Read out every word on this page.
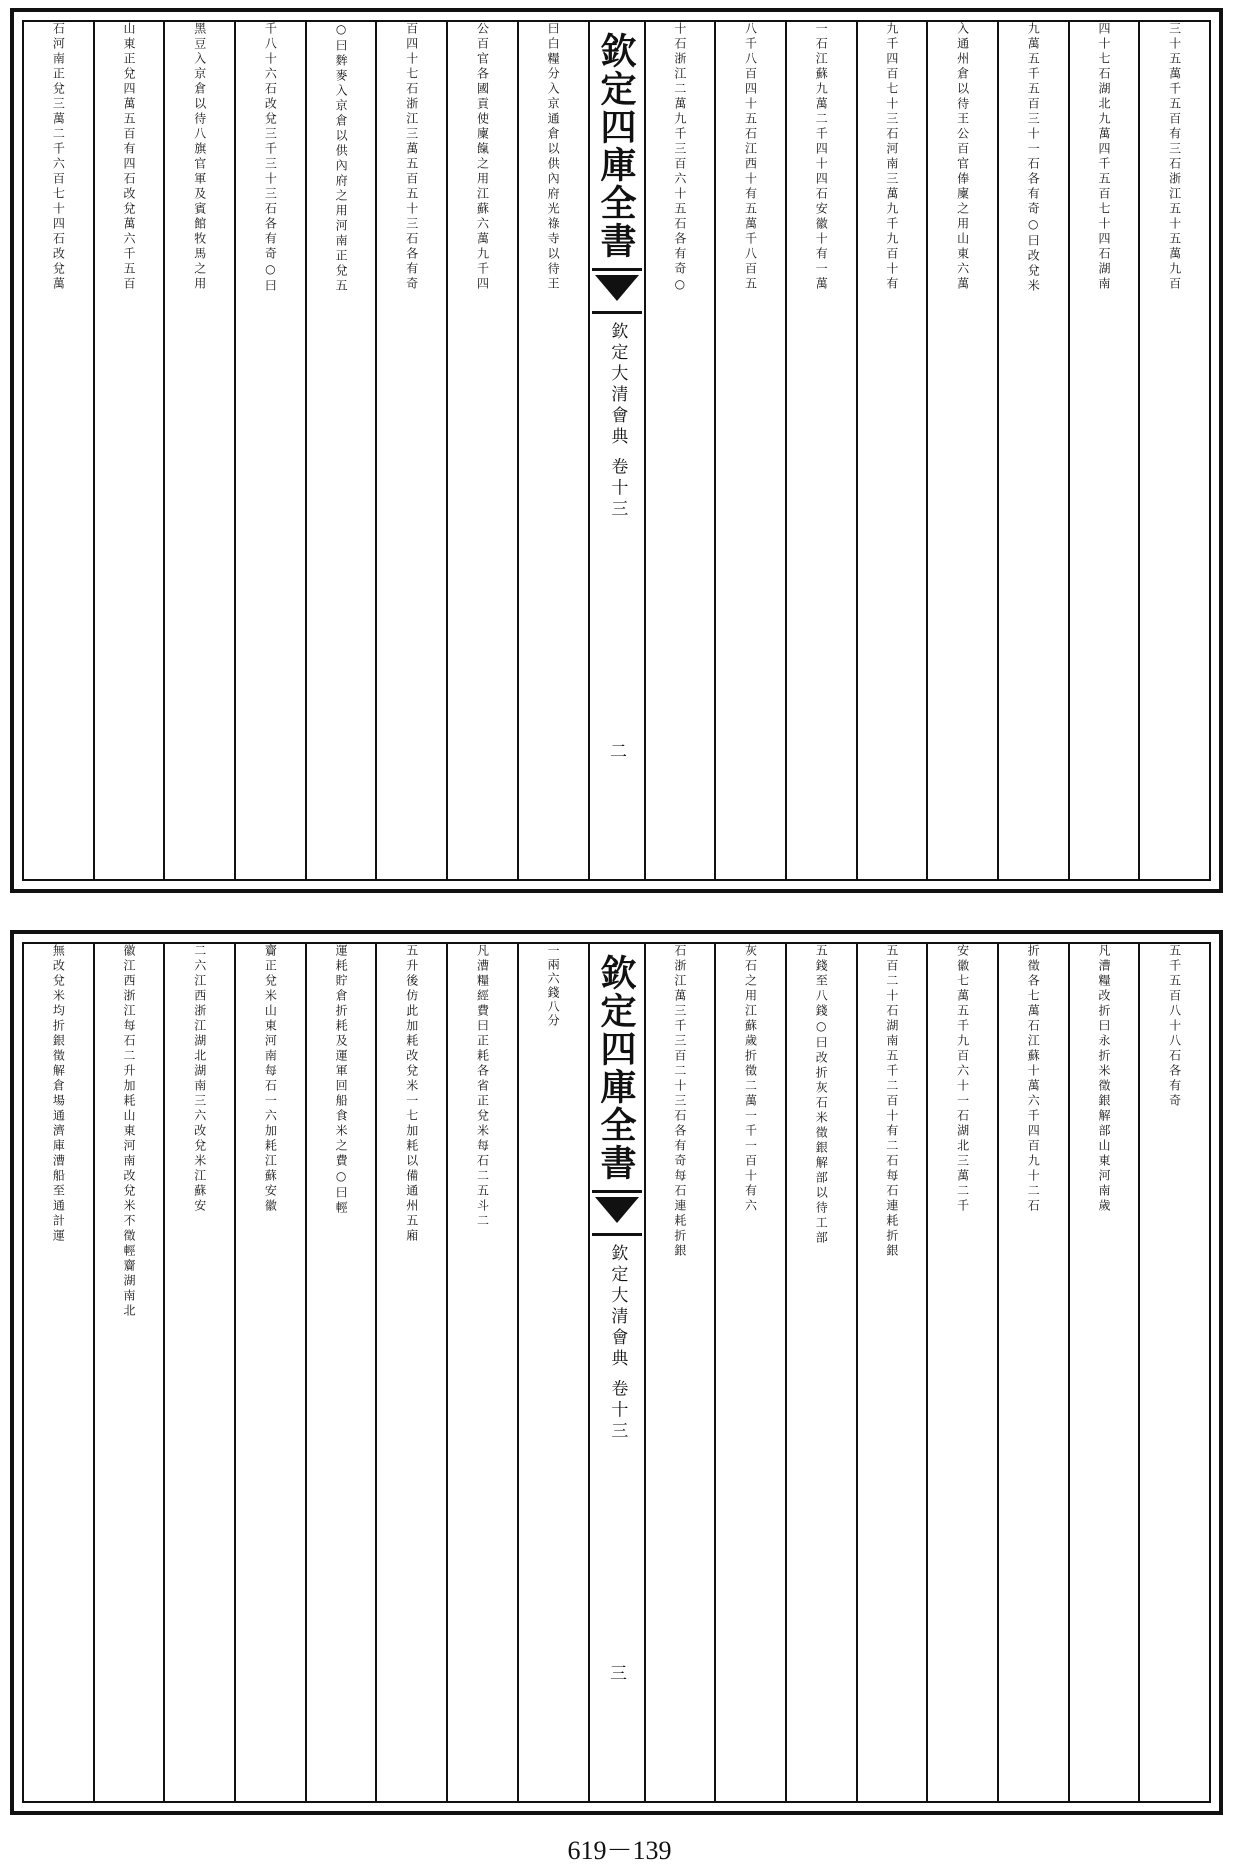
三十五萬千五百有三石浙江五十五萬九百
四十七石湖北九萬四千五百七十四石湖南
九萬五千五百三十一石各有奇○曰改兌米
入通州倉以待王公百官俸廩之用山東六萬
九千四百七十三石河南三萬九千九百十有
一石江蘇九萬二千四十四石安徽十有一萬
八千八百四十五石江西十有五萬千八百五
十石浙江二萬九千三百六十五石各有奇○
欽定四庫全書
欽定大清會典 卷十三
二
曰白糧分入京通倉以供內府光祿寺以待王
公百官各國貢使廩餼之用江蘇六萬九千四
百四十七石浙江三萬五百五十三石各有奇
○曰麰麥入京倉以供內府之用河南正兌五
千八十六石改兌三千三十三石各有奇○曰
黑豆入京倉以待八旗官軍及賓館牧馬之用
山東正兌四萬五百有四石改兌萬六千五百
石河南正兌三萬二千六百七十四石改兌萬
五千五百八十八石各有奇
凡漕糧改折曰永折米徵銀解部山東河南歲
折徵各七萬石江蘇十萬六千四百九十二石
安徽七萬五千九百六十一石湖北三萬二千
五百二十石湖南五千二百十有二石每石連耗折銀
五錢至八錢○曰改折灰石米徵銀解部以待工部
灰石之用江蘇歲折徵二萬一千一百十有六
石浙江萬三千三百二十三石各有奇每石連耗折銀
欽定四庫全書
欽定大清會典 卷十三
三
一兩六錢八分
凡漕糧經費曰正耗各省正兌米每石二五斗二
五升後仿此加耗改兌米一七加耗以備通州五廂
運耗貯倉折耗及運軍回船食米之費○曰輕
齎正兌米山東河南每石一六加耗江蘇安徽
二六江西浙江湖北湖南三六改兌米江蘇安
徽江西浙江每石二升加耗山東河南改兌米不徵輕齎湖南北
無改兌米均折銀徵解倉場通濟庫漕船至通計運
619－139
